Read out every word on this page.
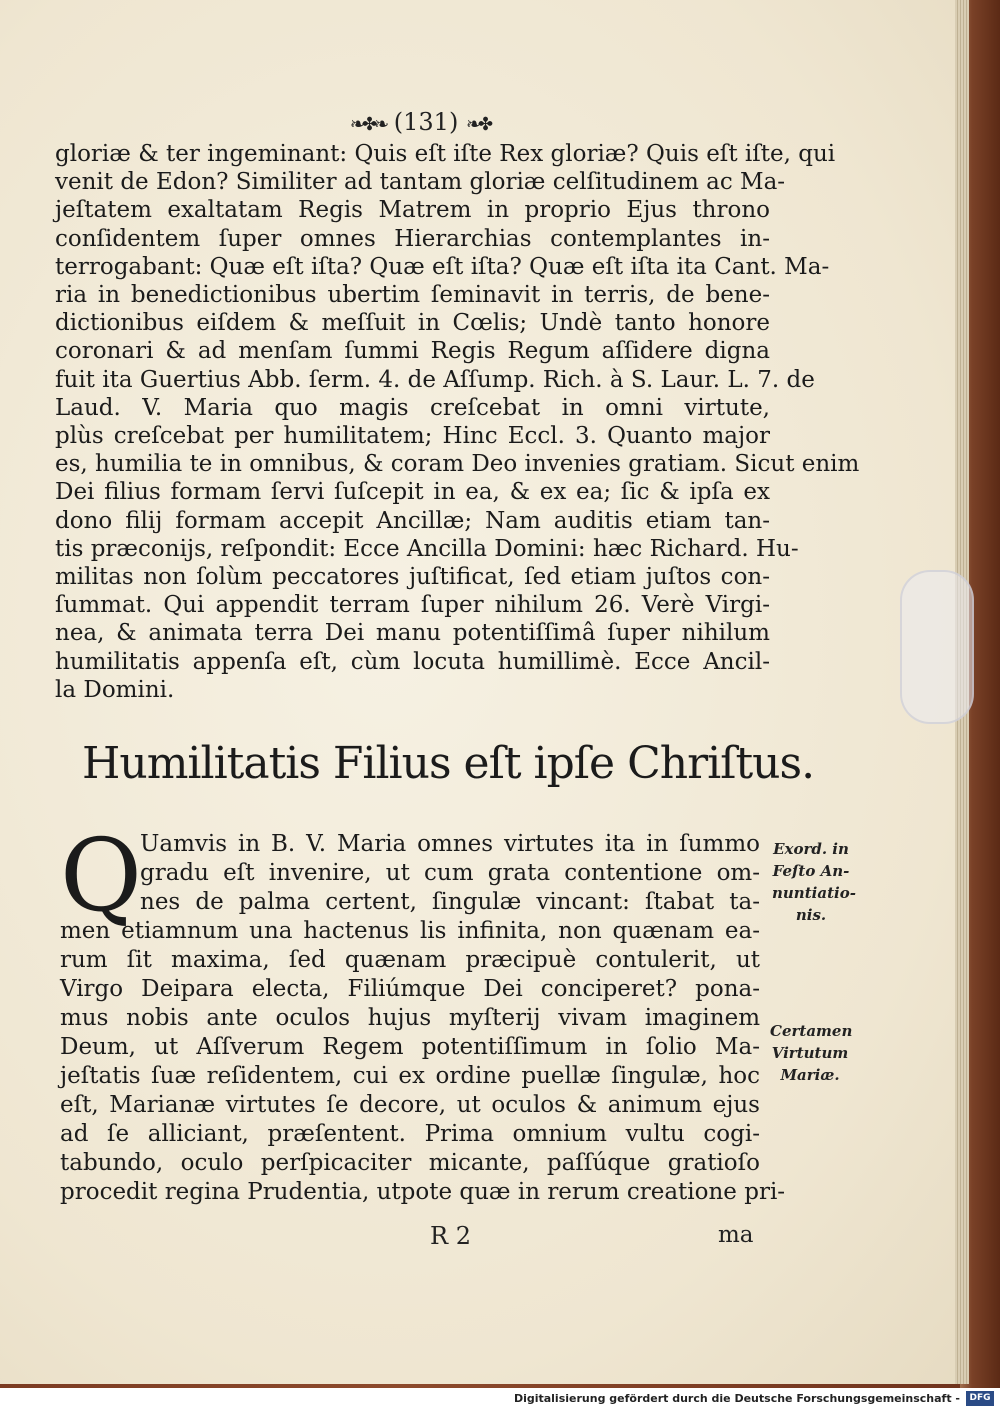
❧✤❧ (131) ❧✤
gloriæ & ter ingeminant: Quis eſt iſte Rex gloriæ? Quis eſt iſte, qui
venit de Edon? Similiter ad tantam gloriæ celſitudinem ac Ma-
jeſtatem exaltatam Regis Matrem in proprio Ejus throno
conſidentem ſuper omnes Hierarchias contemplantes in-
terrogabant: Quæ eſt iſta? Quæ eſt iſta? Quæ eſt iſta ita Cant. Ma-
ria in benedictionibus ubertim ſeminavit in terris, de bene-
dictionibus eiſdem & meſſuit in Cœlis; Undè tanto honore
coronari & ad menſam ſummi Regis Regum aſſidere digna
fuit ita Guertius Abb. ſerm. 4. de Aſſump. Rich. à S. Laur. L. 7. de
Laud. V. Maria quo magis creſcebat in omni virtute,
plùs creſcebat per humilitatem; Hinc Eccl. 3. Quanto major
es, humilia te in omnibus, & coram Deo invenies gratiam. Sicut enim
Dei filius formam ſervi ſuſcepit in ea, & ex ea; ſic & ipſa ex
dono filij formam accepit Ancillæ; Nam auditis etiam tan-
tis præconijs, reſpondit: Ecce Ancilla Domini: hæc Richard. Hu-
militas non ſolùm peccatores juſtificat, ſed etiam juſtos con-
ſummat. Qui appendit terram ſuper nihilum 26. Verè Virgi-
nea, & animata terra Dei manu potentiſſimâ ſuper nihilum
humilitatis appenſa eſt, cùm locuta humillimè. Ecce Ancil-
la Domini.
Humilitatis Filius eſt ipſe Chriſtus.
Q
Uamvis in B. V. Maria omnes virtutes ita in ſummo
gradu eſt invenire, ut cum grata contentione om-
nes de palma certent, ſingulæ vincant: ſtabat ta-
men etiamnum una hactenus lis infinita, non quænam ea-
rum ſit maxima, ſed quænam præcipuè contulerit, ut
Virgo Deipara electa, Filiúmque Dei conciperet? pona-
mus nobis ante oculos hujus myſterij vivam imaginem
Deum, ut Aſſverum Regem potentiſſimum in ſolio Ma-
jeſtatis ſuæ reſidentem, cui ex ordine puellæ ſingulæ, hoc
eſt, Marianæ virtutes ſe decore, ut oculos & animum ejus
ad ſe alliciant, præſentent. Prima omnium vultu cogi-
tabundo, oculo perſpicaciter micante, paſſúque gratioſo
procedit regina Prudentia, utpote quæ in rerum creatione pri-
Exord. in
Feſto An-
nuntiatio-
nis.
Certamen
Virtutum
Mariæ.
R 2	ma
Digitalisierung gefördert durch die Deutsche Forschungsgemeinschaft -	DFG
